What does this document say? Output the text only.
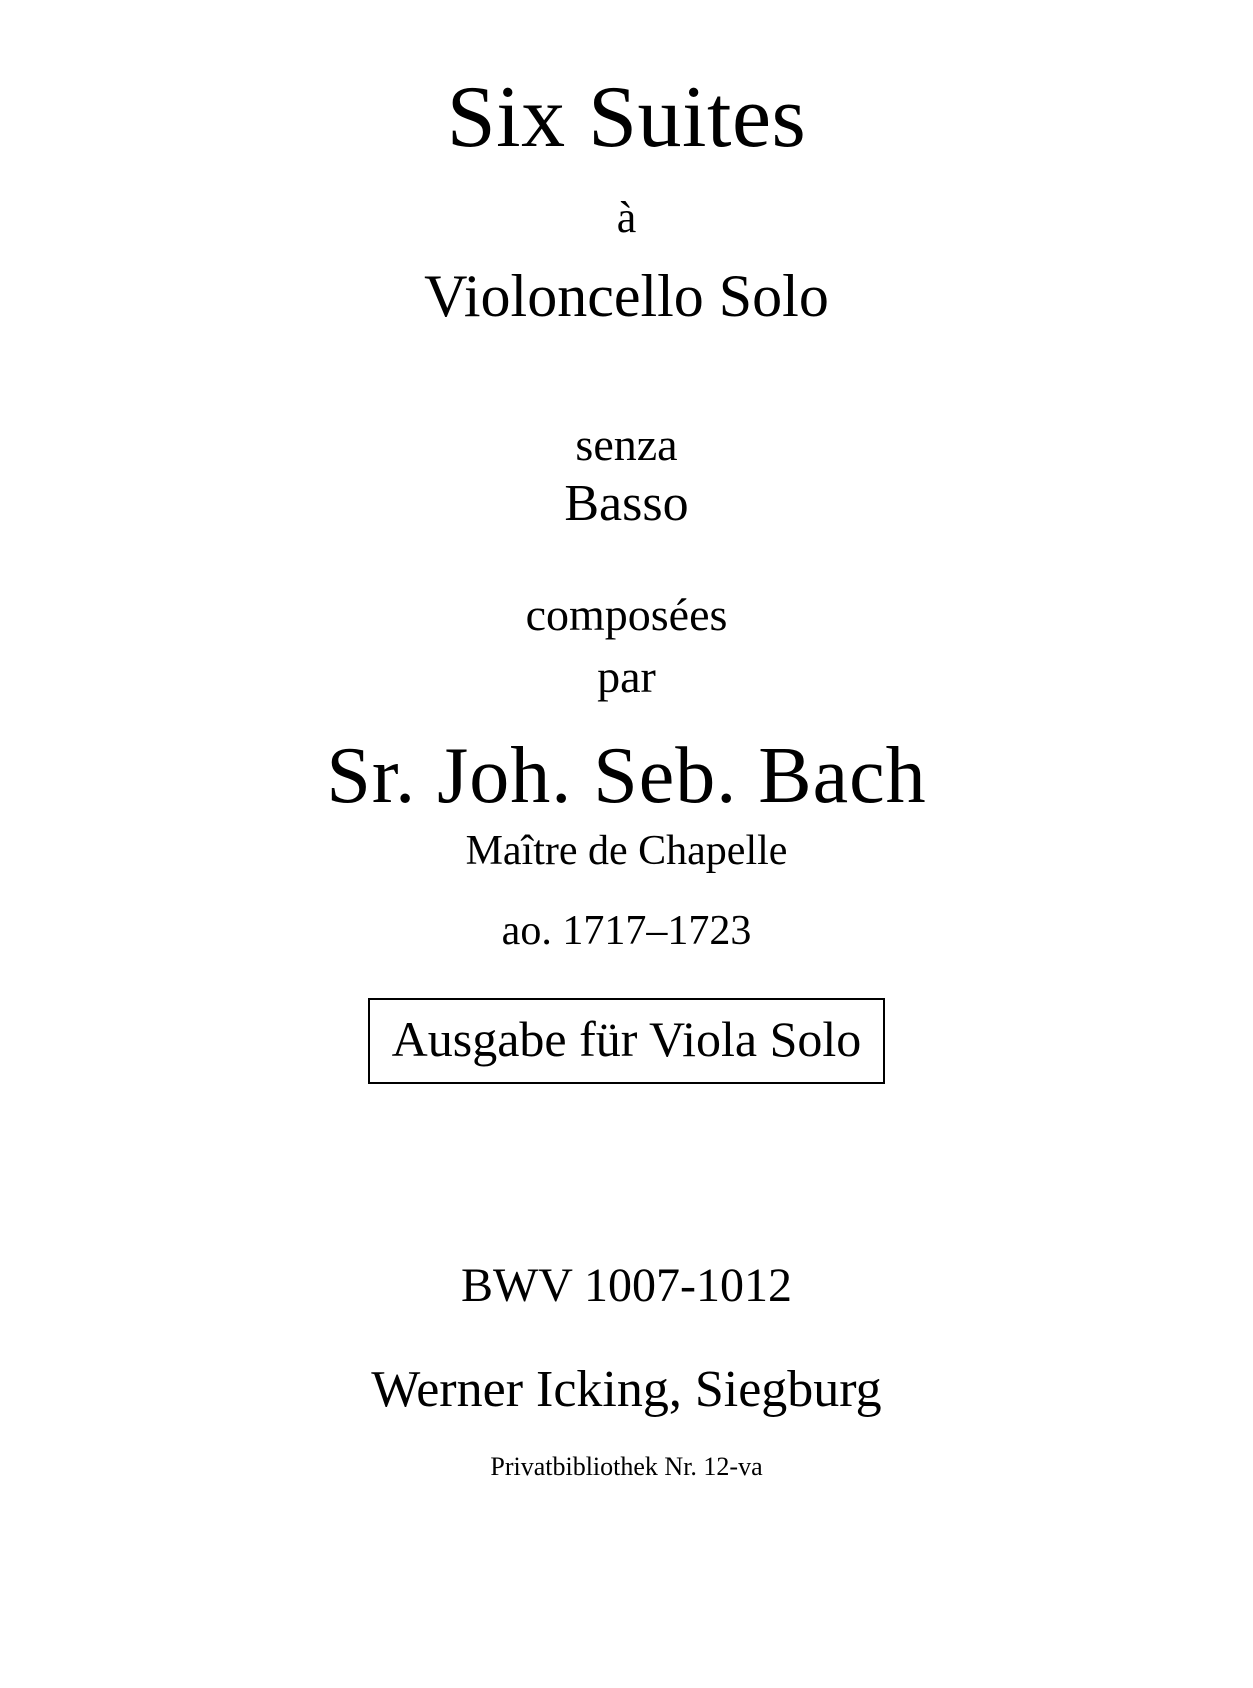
Six Suites
à
Violoncello Solo
senza
Basso
composées
par
Sr. Joh. Seb. Bach
Maître de Chapelle
ao. 1717–1723
Ausgabe für Viola Solo
BWV 1007-1012
Werner Icking, Siegburg
Privatbibliothek Nr. 12-va
